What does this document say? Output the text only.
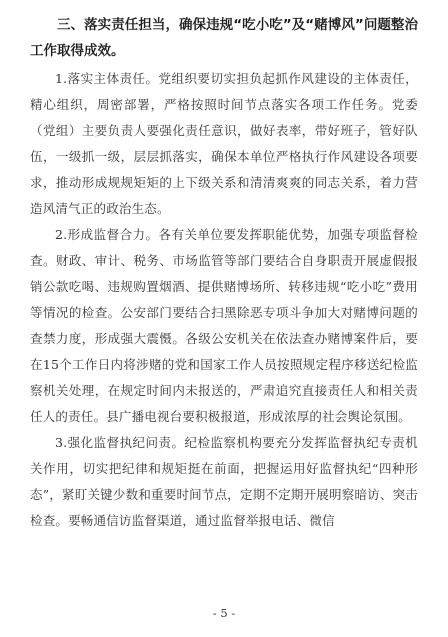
三、落实责任担当，确保违规“吃小吃”及“赌博风”问题整治工作取得成效。

1.落实主体责任。党组织要切实担负起抓作风建设的主体责任，精心组织，周密部署，严格按照时间节点落实各项工作任务。党委（党组）主要负责人要强化责任意识，做好表率，带好班子，管好队伍，一级抓一级，层层抓落实，确保本单位严格执行作风建设各项要求，推动形成规规矩矩的上下级关系和清清爽爽的同志关系，着力营造风清气正的政治生态。

2.形成监督合力。各有关单位要发挥职能优势，加强专项监督检查。财政、审计、税务、市场监管等部门要结合自身职责开展虚假报销公款吃喝、违规购置烟酒、提供赌博场所、转移违规“吃小吃”费用等情况的检查。公安部门要结合扫黑除恶专项斗争加大对赌博问题的查禁力度，形成强大震慑。各级公安机关在依法查办赌博案件后，要在15个工作日内将涉赌的党和国家工作人员按照规定程序移送纪检监察机关处理，在规定时间内未报送的，严肃追究直接责任人和相关责任人的责任。县广播电视台要积极报道，形成浓厚的社会舆论氛围。

3.强化监督执纪问责。纪检监察机构要充分发挥监督执纪专责机关作用，切实把纪律和规矩挺在前面，把握运用好监督执纪“四种形态”，紧盯关键少数和重要时间节点，定期不定期开展明察暗访、突击检查。要畅通信访监督渠道，通过监督举报电话、微信

- 5 -
